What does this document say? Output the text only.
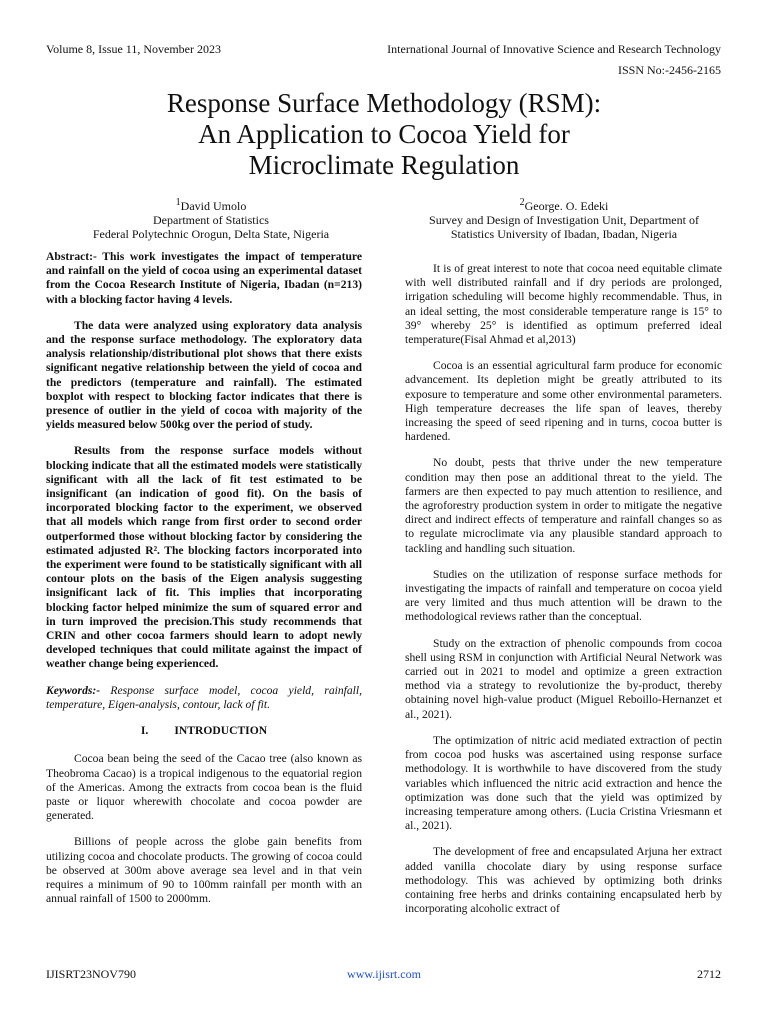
Volume 8, Issue 11, November 2023	International Journal of Innovative Science and Research Technology
ISSN No:-2456-2165
Response Surface Methodology (RSM):
An Application to Cocoa Yield for
Microclimate Regulation
$^1$David Umolo
Department of Statistics
Federal Polytechnic Orogun, Delta State, Nigeria
$^2$George. O. Edeki
Survey and Design of Investigation Unit, Department of
Statistics University of Ibadan, Ibadan, Nigeria

Abstract:- This work investigates the impact of temperature and rainfall on the yield of cocoa using an experimental dataset from the Cocoa Research Institute of Nigeria, Ibadan (n=213) with a blocking factor having 4 levels.

The data were analyzed using exploratory data analysis and the response surface methodology. The exploratory data analysis relationship/distributional plot shows that there exists significant negative relationship between the yield of cocoa and the predictors (temperature and rainfall). The estimated boxplot with respect to blocking factor indicates that there is presence of outlier in the yield of cocoa with majority of the yields measured below 500kg over the period of study.

Results from the response surface models without blocking indicate that all the estimated models were statistically significant with all the lack of fit test estimated to be insignificant (an indication of good fit). On the basis of incorporated blocking factor to the experiment, we observed that all models which range from first order to second order outperformed those without blocking factor by considering the estimated adjusted R². The blocking factors incorporated into the experiment were found to be statistically significant with all contour plots on the basis of the Eigen analysis suggesting insignificant lack of fit. This implies that incorporating blocking factor helped minimize the sum of squared error and in turn improved the precision.This study recommends that CRIN and other cocoa farmers should learn to adopt newly developed techniques that could militate against the impact of weather change being experienced.

Keywords:- Response surface model, cocoa yield, rainfall, temperature, Eigen-analysis, contour, lack of fit.

I. INTRODUCTION

Cocoa bean being the seed of the Cacao tree (also known as Theobroma Cacao) is a tropical indigenous to the equatorial region of the Americas. Among the extracts from cocoa bean is the fluid paste or liquor wherewith chocolate and cocoa powder are generated.

Billions of people across the globe gain benefits from utilizing cocoa and chocolate products. The growing of cocoa could be observed at 300m above average sea level and in that vein requires a minimum of 90 to 100mm rainfall per month with an annual rainfall of 1500 to 2000mm.

It is of great interest to note that cocoa need equitable climate with well distributed rainfall and if dry periods are prolonged, irrigation scheduling will become highly recommendable. Thus, in an ideal setting, the most considerable temperature range is 15° to 39° whereby 25° is identified as optimum preferred ideal temperature(Fisal Ahmad et al,2013)

Cocoa is an essential agricultural farm produce for economic advancement. Its depletion might be greatly attributed to its exposure to temperature and some other environmental parameters. High temperature decreases the life span of leaves, thereby increasing the speed of seed ripening and in turns, cocoa butter is hardened.

No doubt, pests that thrive under the new temperature condition may then pose an additional threat to the yield. The farmers are then expected to pay much attention to resilience, and the agroforestry production system in order to mitigate the negative direct and indirect effects of temperature and rainfall changes so as to regulate microclimate via any plausible standard approach to tackling and handling such situation.

Studies on the utilization of response surface methods for investigating the impacts of rainfall and temperature on cocoa yield are very limited and thus much attention will be drawn to the methodological reviews rather than the conceptual.

Study on the extraction of phenolic compounds from cocoa shell using RSM in conjunction with Artificial Neural Network was carried out in 2021 to model and optimize a green extraction method via a strategy to revolutionize the by-product, thereby obtaining novel high-value product (Miguel Reboillo-Hernanzet et al., 2021).

The optimization of nitric acid mediated extraction of pectin from cocoa pod husks was ascertained using response surface methodology. It is worthwhile to have discovered from the study variables which influenced the nitric acid extraction and hence the optimization was done such that the yield was optimized by increasing temperature among others. (Lucia Cristina Vriesmann et al., 2021).

The development of free and encapsulated Arjuna her extract added vanilla chocolate diary by using response surface methodology. This was achieved by optimizing both drinks containing free herbs and drinks containing encapsulated herb by incorporating alcoholic extract of

IJISRT23NOV790	www.ijisrt.com	2712
